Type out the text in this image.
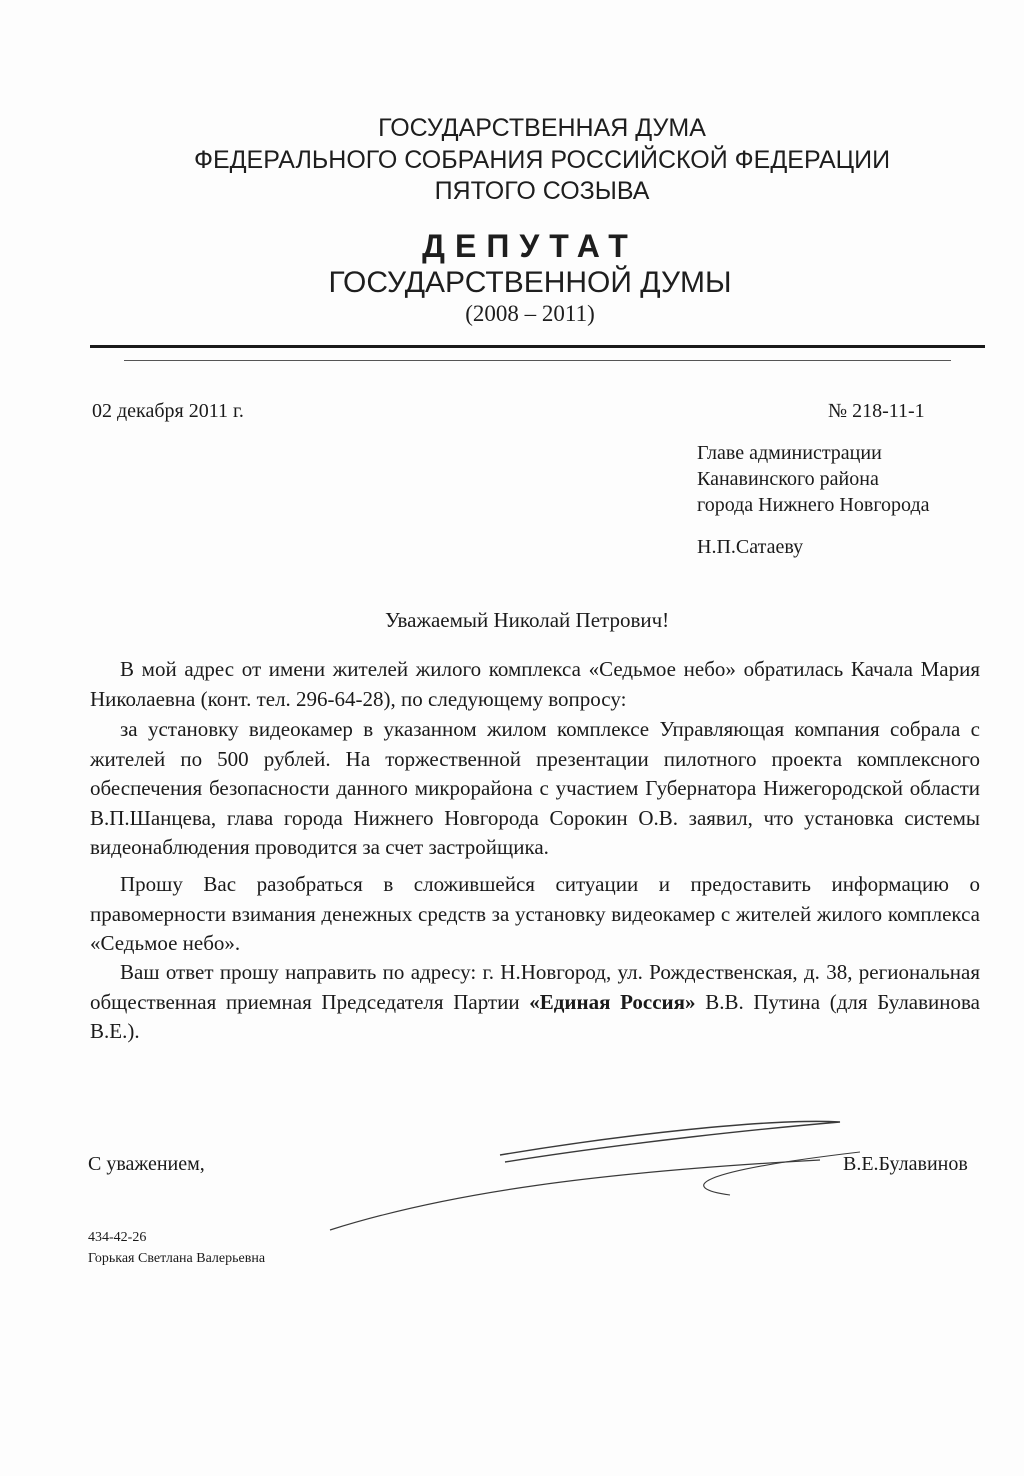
ГОСУДАРСТВЕННАЯ ДУМА
ФЕДЕРАЛЬНОГО СОБРАНИЯ РОССИЙСКОЙ ФЕДЕРАЦИИ
ПЯТОГО СОЗЫВА
ДЕПУТАТ
ГОСУДАРСТВЕННОЙ ДУМЫ
(2008 – 2011)
02 декабря 2011 г.	№ 218-11-1
Главе администрации
Канавинского района
города Нижнего Новгорода
Н.П.Сатаеву
Уважаемый Николай Петрович!
В мой адрес от имени жителей жилого комплекса «Седьмое небо» обратилась Качала Мария Николаевна (конт. тел. 296-64-28), по следующему вопросу:
за установку видеокамер в указанном жилом комплексе Управляющая компания собрала с жителей по 500 рублей. На торжественной презентации пилотного проекта комплексного обеспечения безопасности данного микрорайона с участием Губернатора Нижегородской области В.П.Шанцева, глава города Нижнего Новгорода Сорокин О.В. заявил, что установка системы видеонаблюдения проводится за счет застройщика.
Прошу Вас разобраться в сложившейся ситуации и предоставить информацию о правомерности взимания денежных средств за установку видеокамер с жителей жилого комплекса «Седьмое небо».
Ваш ответ прошу направить по адресу: г. Н.Новгород, ул. Рождественская, д. 38, региональная общественная приемная Председателя Партии «Единая Россия» В.В. Путина (для Булавинова В.Е.).
С уважением,	В.Е.Булавинов
434-42-26
Горькая Светлана Валерьевна
